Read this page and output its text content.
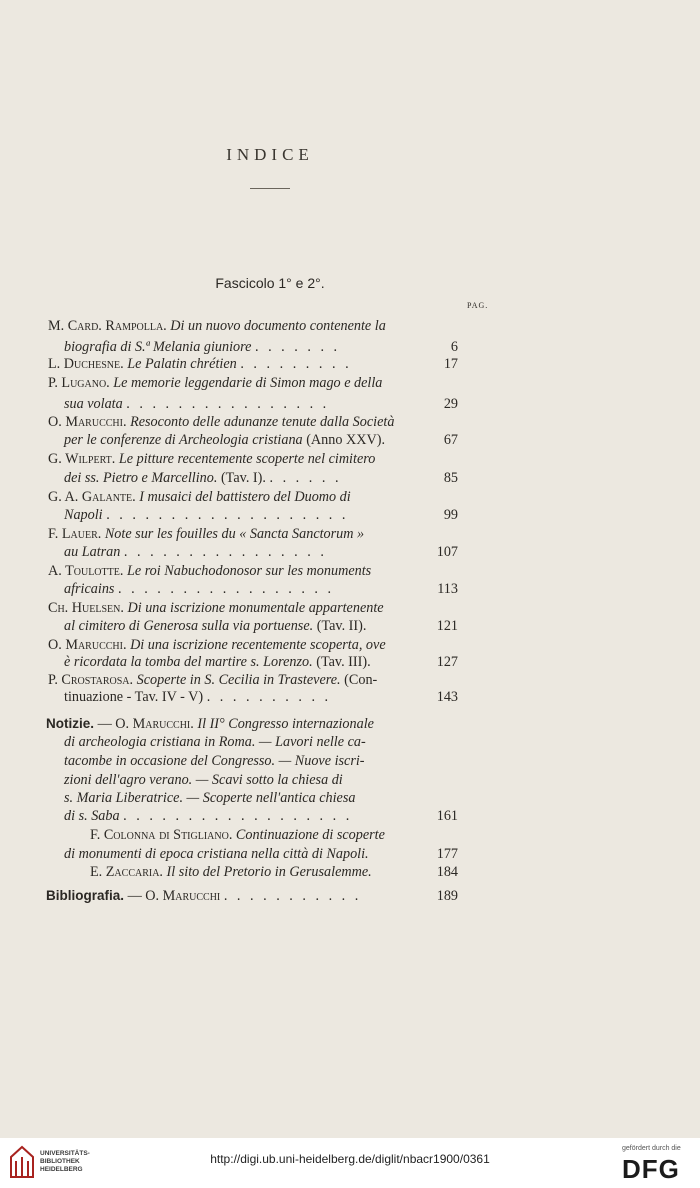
⠀
INDICE
Fascicolo 1° e 2°.
PAG.
M. Card. Rampolla. Di un nuovo documento contenente la
biografia di S.ª Melania giuniore . . . . . . .	6
L. Duchesne. Le Palatin chrétien . . . . . . . . .	17
P. Lugano. Le memorie leggendarie di Simon mago e della
sua volata . . . . . . . . . . . . . . . .	29
O. Marucchi. Resoconto delle adunanze tenute dalla Società
per le conferenze di Archeologia cristiana (Anno XXV).	67
G. Wilpert. Le pitture recentemente scoperte nel cimitero
dei ss. Pietro e Marcellino. (Tav. I). . . . . . .	85
G. A. Galante. I musaici del battistero del Duomo di
Napoli . . . . . . . . . . . . . . . . . . .	99
F. Lauer. Note sur les fouilles du « Sancta Sanctorum »
au Latran . . . . . . . . . . . . . . . .	107
A. Toulotte. Le roi Nabuchodonosor sur les monuments
africains . . . . . . . . . . . . . . . . .	113
Ch. Huelsen. Di una iscrizione monumentale appartenente
al cimitero di Generosa sulla via portuense. (Tav. II).	121
O. Marucchi. Di una iscrizione recentemente scoperta, ove
è ricordata la tomba del martire s. Lorenzo. (Tav. III).	127
P. Crostarosa. Scoperte in S. Cecilia in Trastevere. (Con-
tinuazione - Tav. IV - V) . . . . . . . . . .	143
Notizie. — O. Marucchi. Il II° Congresso internazionale
di archeologia cristiana in Roma. — Lavori nelle ca-
tacombe in occasione del Congresso. — Nuove iscri-
zioni dell'agro verano. — Scavi sotto la chiesa di
s. Maria Liberatrice. — Scoperte nell'antica chiesa
di s. Saba . . . . . . . . . . . . . . . . . .	161
F. Colonna di Stigliano. Continuazione di scoperte
di monumenti di epoca cristiana nella città di Napoli.	177
E. Zaccaria. Il sito del Pretorio in Gerusalemme.	184
Bibliografia. — O. Marucchi . . . . . . . . . . .	189
UNIVERSITÄTS-
BIBLIOTHEK
HEIDELBERG
http://digi.ub.uni-heidelberg.de/diglit/nbacr1900/0361
gefördert durch die
DFG
